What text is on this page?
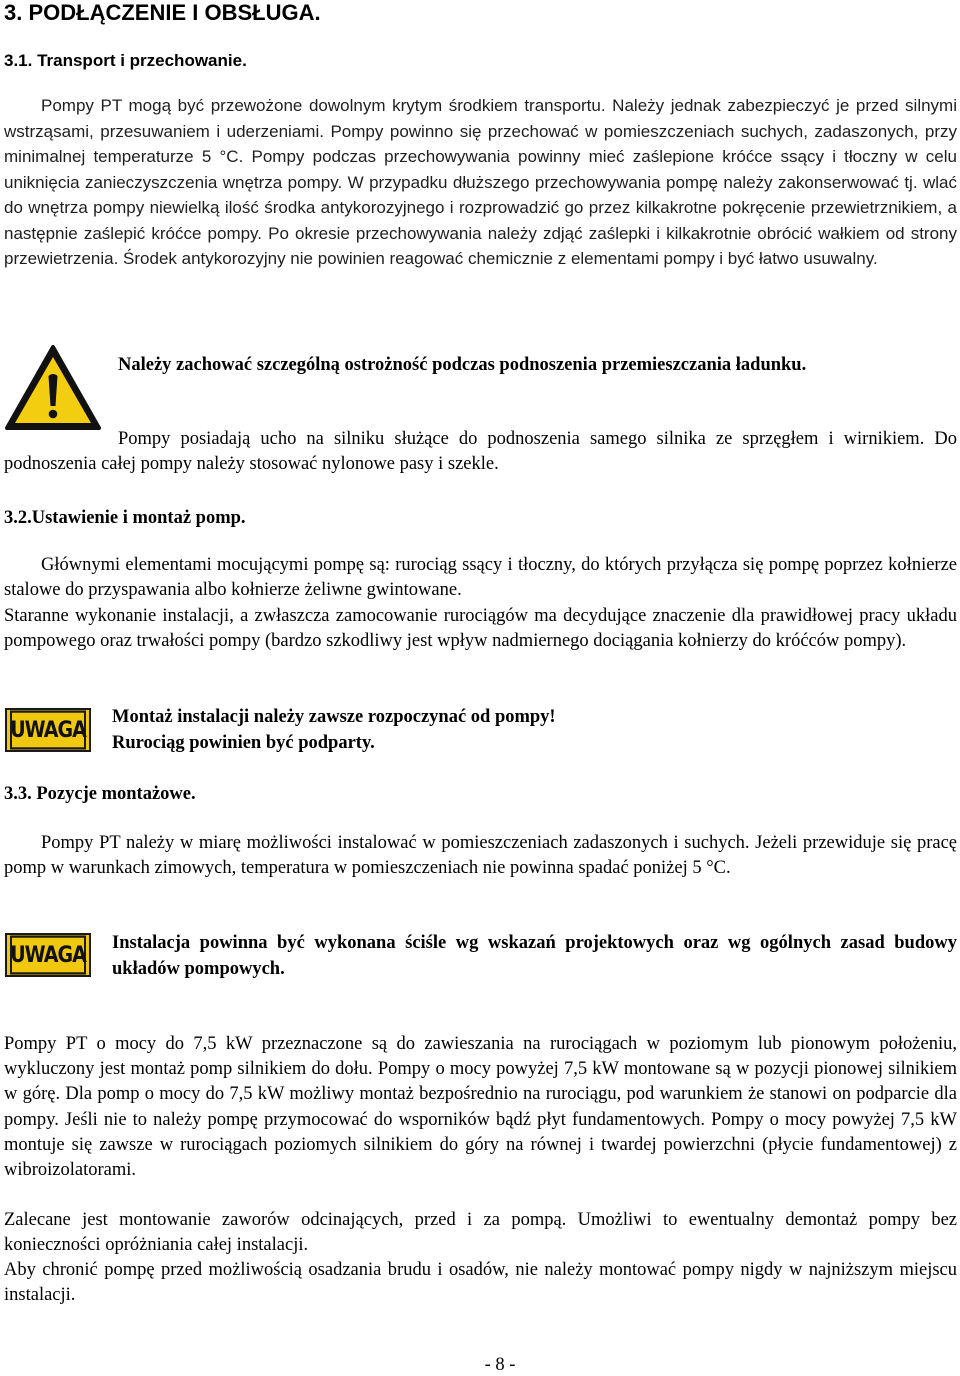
3. PODŁĄCZENIE I OBSŁUGA.
3.1. Transport i przechowanie.
Pompy PT mogą być przewożone dowolnym krytym środkiem transportu. Należy jednak zabezpieczyć je przed silnymi wstrząsami, przesuwaniem i uderzeniami. Pompy powinno się przechować w pomieszczeniach suchych, zadaszonych, przy minimalnej temperaturze 5 °C. Pompy podczas przechowywania powinny mieć zaślepione króćce ssący i tłoczny w celu uniknięcia zanieczyszczenia wnętrza pompy. W przypadku dłuższego przechowywania pompę należy zakonserwować tj. wlać do wnętrza pompy niewielką ilość środka antykorozyjnego i rozprowadzić go przez kilkakrotne pokręcenie przewietrznikiem, a następnie zaślepić króćce pompy. Po okresie przechowywania należy zdjąć zaślepki i kilkakrotnie obrócić wałkiem od strony przewietrzenia. Środek antykorozyjny nie powinien reagować chemicznie z elementami pompy i być łatwo usuwalny.
Należy zachować szczególną ostrożność podczas podnoszenia przemieszczania ładunku.
Pompy posiadają ucho na silniku służące do podnoszenia samego silnika ze sprzęgłem i wirnikiem. Do podnoszenia całej pompy należy stosować nylonowe pasy i szekle.
3.2.Ustawienie i montaż pomp.
Głównymi elementami mocującymi pompę są: rurociąg ssący i tłoczny, do których przyłącza się pompę poprzez kołnierze stalowe do przyspawania albo kołnierze żeliwne gwintowane.
Staranne wykonanie instalacji, a zwłaszcza zamocowanie rurociągów ma decydujące znaczenie dla prawidłowej pracy układu pompowego oraz trwałości pompy (bardzo szkodliwy jest wpływ nadmiernego dociągania kołnierzy do króćców pompy).
UWAGA
Montaż instalacji należy zawsze rozpoczynać od pompy!
Rurociąg powinien być podparty.
3.3. Pozycje montażowe.
Pompy PT należy w miarę możliwości instalować w pomieszczeniach zadaszonych i suchych. Jeżeli przewiduje się pracę pomp w warunkach zimowych, temperatura w pomieszczeniach nie powinna spadać poniżej 5 °C.
UWAGA Instalacja powinna być wykonana ściśle wg wskazań projektowych oraz wg ogólnych zasad budowy układów pompowych.
Pompy PT o mocy do 7,5 kW przeznaczone są do zawieszania na rurociągach w poziomym lub pionowym położeniu, wykluczony jest montaż pomp silnikiem do dołu. Pompy o mocy powyżej 7,5 kW montowane są w pozycji pionowej silnikiem w górę. Dla pomp o mocy do 7,5 kW możliwy montaż bezpośrednio na rurociągu, pod warunkiem że stanowi on podparcie dla pompy. Jeśli nie to należy pompę przymocować do wsporników bądź płyt fundamentowych. Pompy o mocy powyżej 7,5 kW montuje się zawsze w rurociągach poziomych silnikiem do góry na równej i twardej powierzchni (płycie fundamentowej) z wibroizolatorami.
Zalecane jest montowanie zaworów odcinających, przed i za pompą. Umożliwi to ewentualny demontaż pompy bez konieczności opróżniania całej instalacji.
Aby chronić pompę przed możliwością osadzania brudu i osadów, nie należy montować pompy nigdy w najniższym miejscu instalacji.
- 8 -
